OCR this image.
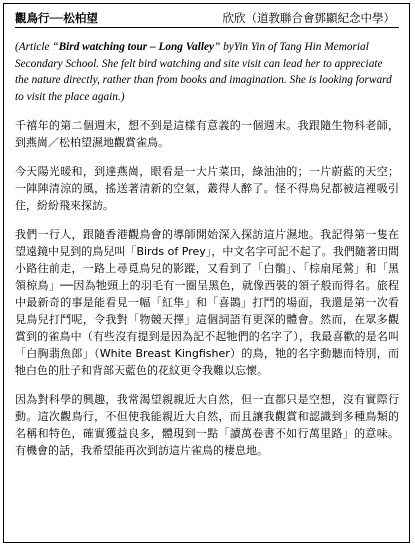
觀鳥行──松柏望	欣欣（道教聯合會鄧顯紀念中學）
(Article “Bird watching tour – Long Valley” byYin Yin of Tang Hin Memorial Secondary School. She felt bird watching and site visit can lead her to appreciate the nature directly, rather than from books and imagination. She is looking forward to visit the place again.)

千禧年的第二個週末，想不到是這樣有意義的一個週末。我跟隨生物科老師，到燕崗／松柏望濕地觀賞雀鳥。

今天陽光暖和，到達燕崗，眼看是一大片菜田，綠油油的；一片蔚藍的天空；一陣陣清涼的風，搖送著清新的空氣，叢得人醉了。怪不得鳥兒都被這裡吸引住，紛紛飛來探訪。

我們一行人，跟隨香港觀鳥會的導師開始深入探訪這片濕地。我記得第一隻在望遠鏡中見到的鳥兒叫「Birds of Prey」，中文名字可記不起了。我們隨著田間小路往前走，一路上尋覓鳥兒的影蹤，又看到了「白鶺」、「棕扇尾鶯」和「黑領椋鳥」──因為牠頸上的羽毛有一圈呈黑色，就像西裝的領子般而得名。旅程中最新奇的事是能看見一幅「紅隼」和「喜鵲」打鬥的場面，我還是第一次看見鳥兒打鬥呢，令我對「物競天擇」這個詞語有更深的體會。然而，在眾多觀賞到的雀鳥中（有些沒有提到是因為記不起牠們的名字了），我最喜歡的是名叫「白胸翡魚郎」（White Breast Kingfisher）的鳥，牠的名字動聽而特別，而牠白色的肚子和背部天藍色的花紋更令我難以忘懷。

因為對科學的興趣，我常渴望親親近大自然，但一直都只是空想，沒有實際行動。這次觀鳥行，不但使我能親近大自然，而且讓我觀賞和認識到多種鳥類的名稱和特色，確實獲益良多，體現到一點「讀萬卷書不如行萬里路」的意味。有機會的話，我希望能再次到訪這片雀鳥的棲息地。
